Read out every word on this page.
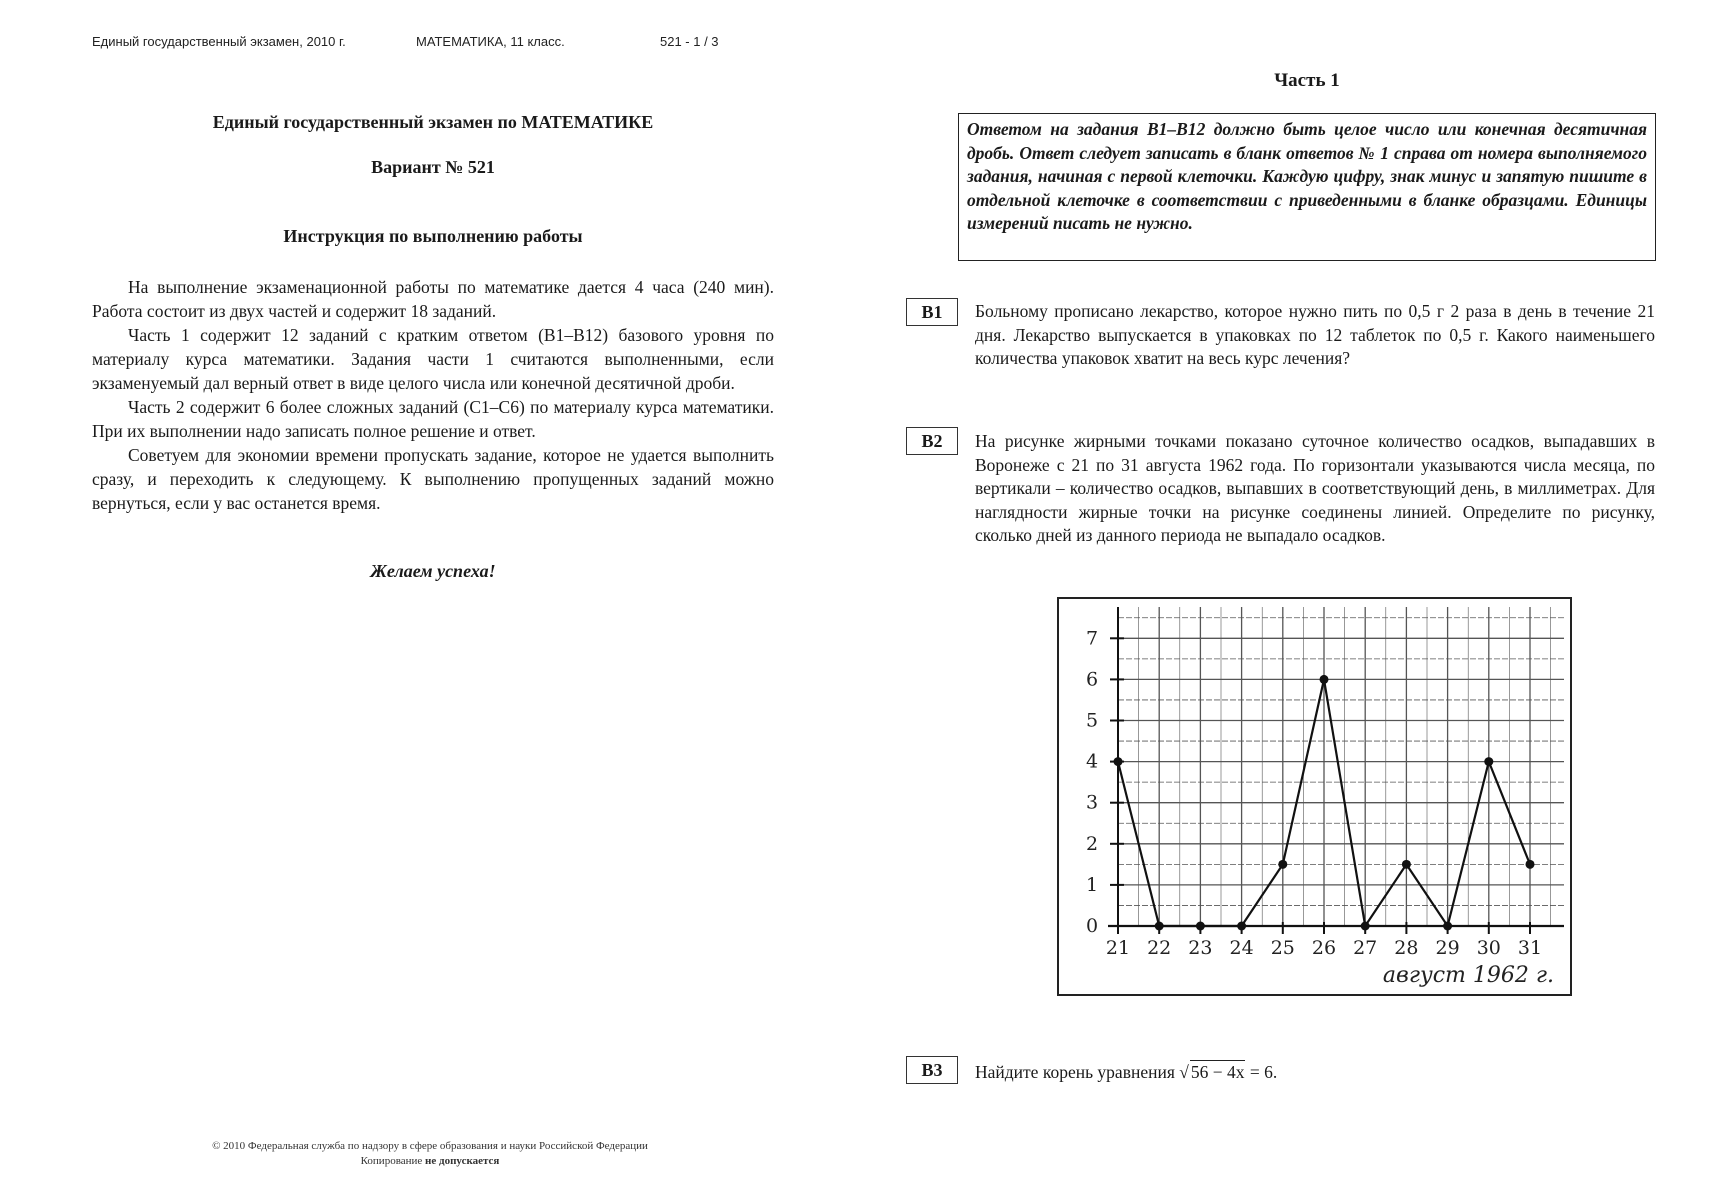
Единый государственный экзамен, 2010 г.	МАТЕМАТИКА, 11 класс.	521 - 1 / 3
Единый государственный экзамен по МАТЕМАТИКЕ
Вариант № 521
Инструкция по выполнению работы

На выполнение экзаменационной работы по математике дается 4 часа (240 мин). Работа состоит из двух частей и содержит 18 заданий.

Часть 1 содержит 12 заданий с кратким ответом (В1–В12) базового уровня по материалу курса математики. Задания части 1 считаются выполненными, если экзаменуемый дал верный ответ в виде целого числа или конечной десятичной дроби.

Часть 2 содержит 6 более сложных заданий (С1–С6) по материалу курса математики. При их выполнении надо записать полное решение и ответ.

Советуем для экономии времени пропускать задание, которое не удается выполнить сразу, и переходить к следующему. К выполнению пропущенных заданий можно вернуться, если у вас останется время.

Желаем успеха!
© 2010 Федеральная служба по надзору в сфере образования и науки Российской Федерации
Копирование не допускается
Часть 1
Ответом на задания В1–В12 должно быть целое число или конечная десятичная дробь. Ответ следует записать в бланк ответов № 1 справа от номера выполняемого задания, начиная с первой клеточки. Каждую цифру, знак минус и запятую пишите в отдельной клеточке в соответствии с приведенными в бланке образцами. Единицы измерений писать не нужно.
B1	Больному прописано лекарство, которое нужно пить по 0,5 г 2 раза в день в течение 21 дня. Лекарство выпускается в упаковках по 12 таблеток по 0,5 г. Какого наименьшего количества упаковок хватит на весь курс лечения?
B2	На рисунке жирными точками показано суточное количество осадков, выпадавших в Воронеже с 21 по 31 августа 1962 года. По горизонтали указываются числа месяца, по вертикали – количество осадков, выпавших в соответствующий день, в миллиметрах. Для наглядности жирные точки на рисунке соединены линией. Определите по рисунку, сколько дней из данного периода не выпадало осадков.
0
1
2
3
4
5
6
7
21 22 23 24 25 26 27 28 29 30 31
август 1962 г.
B3	Найдите корень уравнения √ 56 − 4x = 6.
